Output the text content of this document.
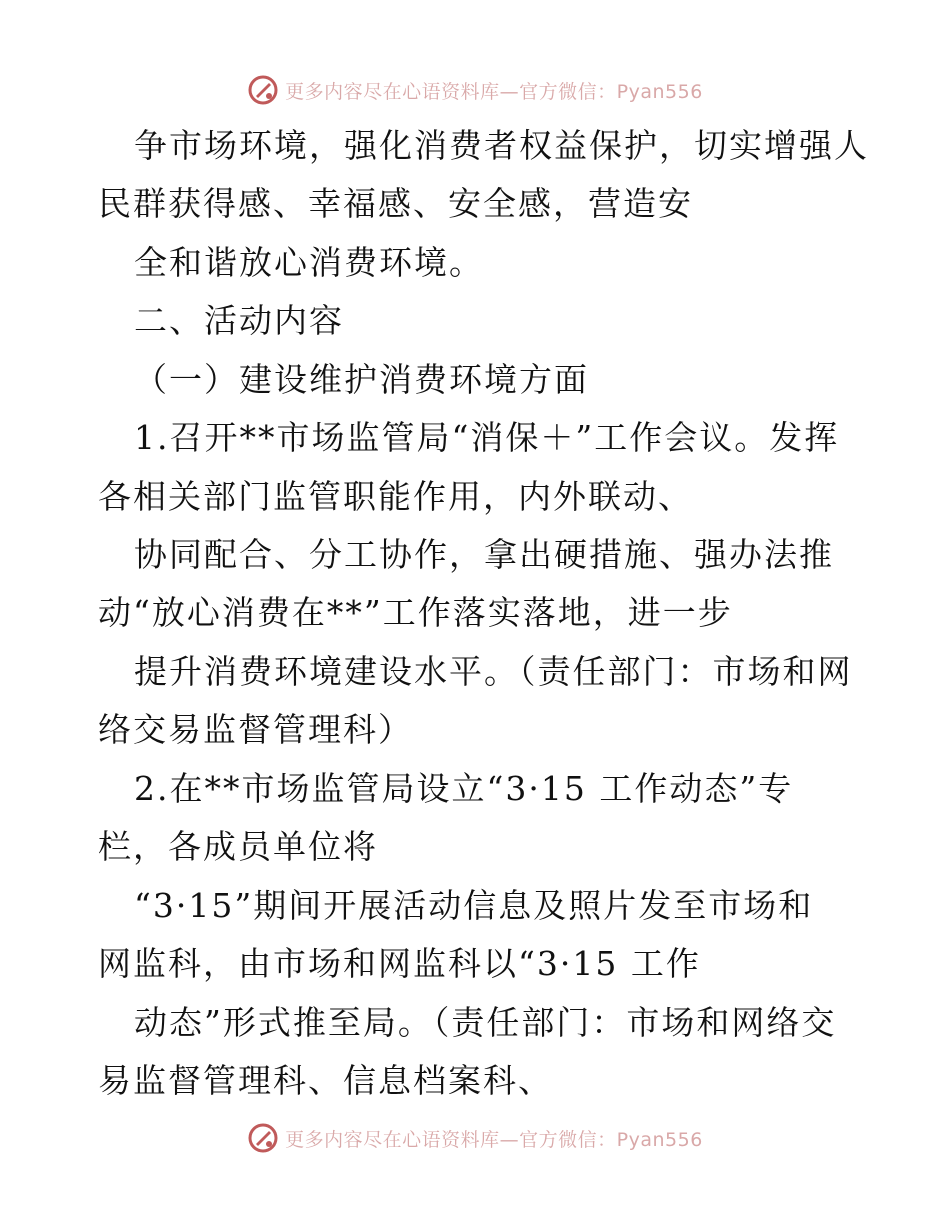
更多内容尽在心语资料库—官方微信：Pyan556
争市场环境，强化消费者权益保护，切实增强人
民群获得感、幸福感、安全感，营造安
全和谐放心消费环境。
二、活动内容
（一）建设维护消费环境方面
1.召开**市场监管局“消保＋”工作会议。发挥
各相关部门监管职能作用，内外联动、
协同配合、分工协作，拿出硬措施、强办法推
动“放心消费在**”工作落实落地，进一步
提升消费环境建设水平。（责任部门：市场和网
络交易监督管理科）
2.在**市场监管局设立“3·15 工作动态”专
栏，各成员单位将
“3·15”期间开展活动信息及照片发至市场和
网监科，由市场和网监科以“3·15 工作
动态”形式推至局。（责任部门：市场和网络交
易监督管理科、信息档案科、
更多内容尽在心语资料库—官方微信：Pyan556
